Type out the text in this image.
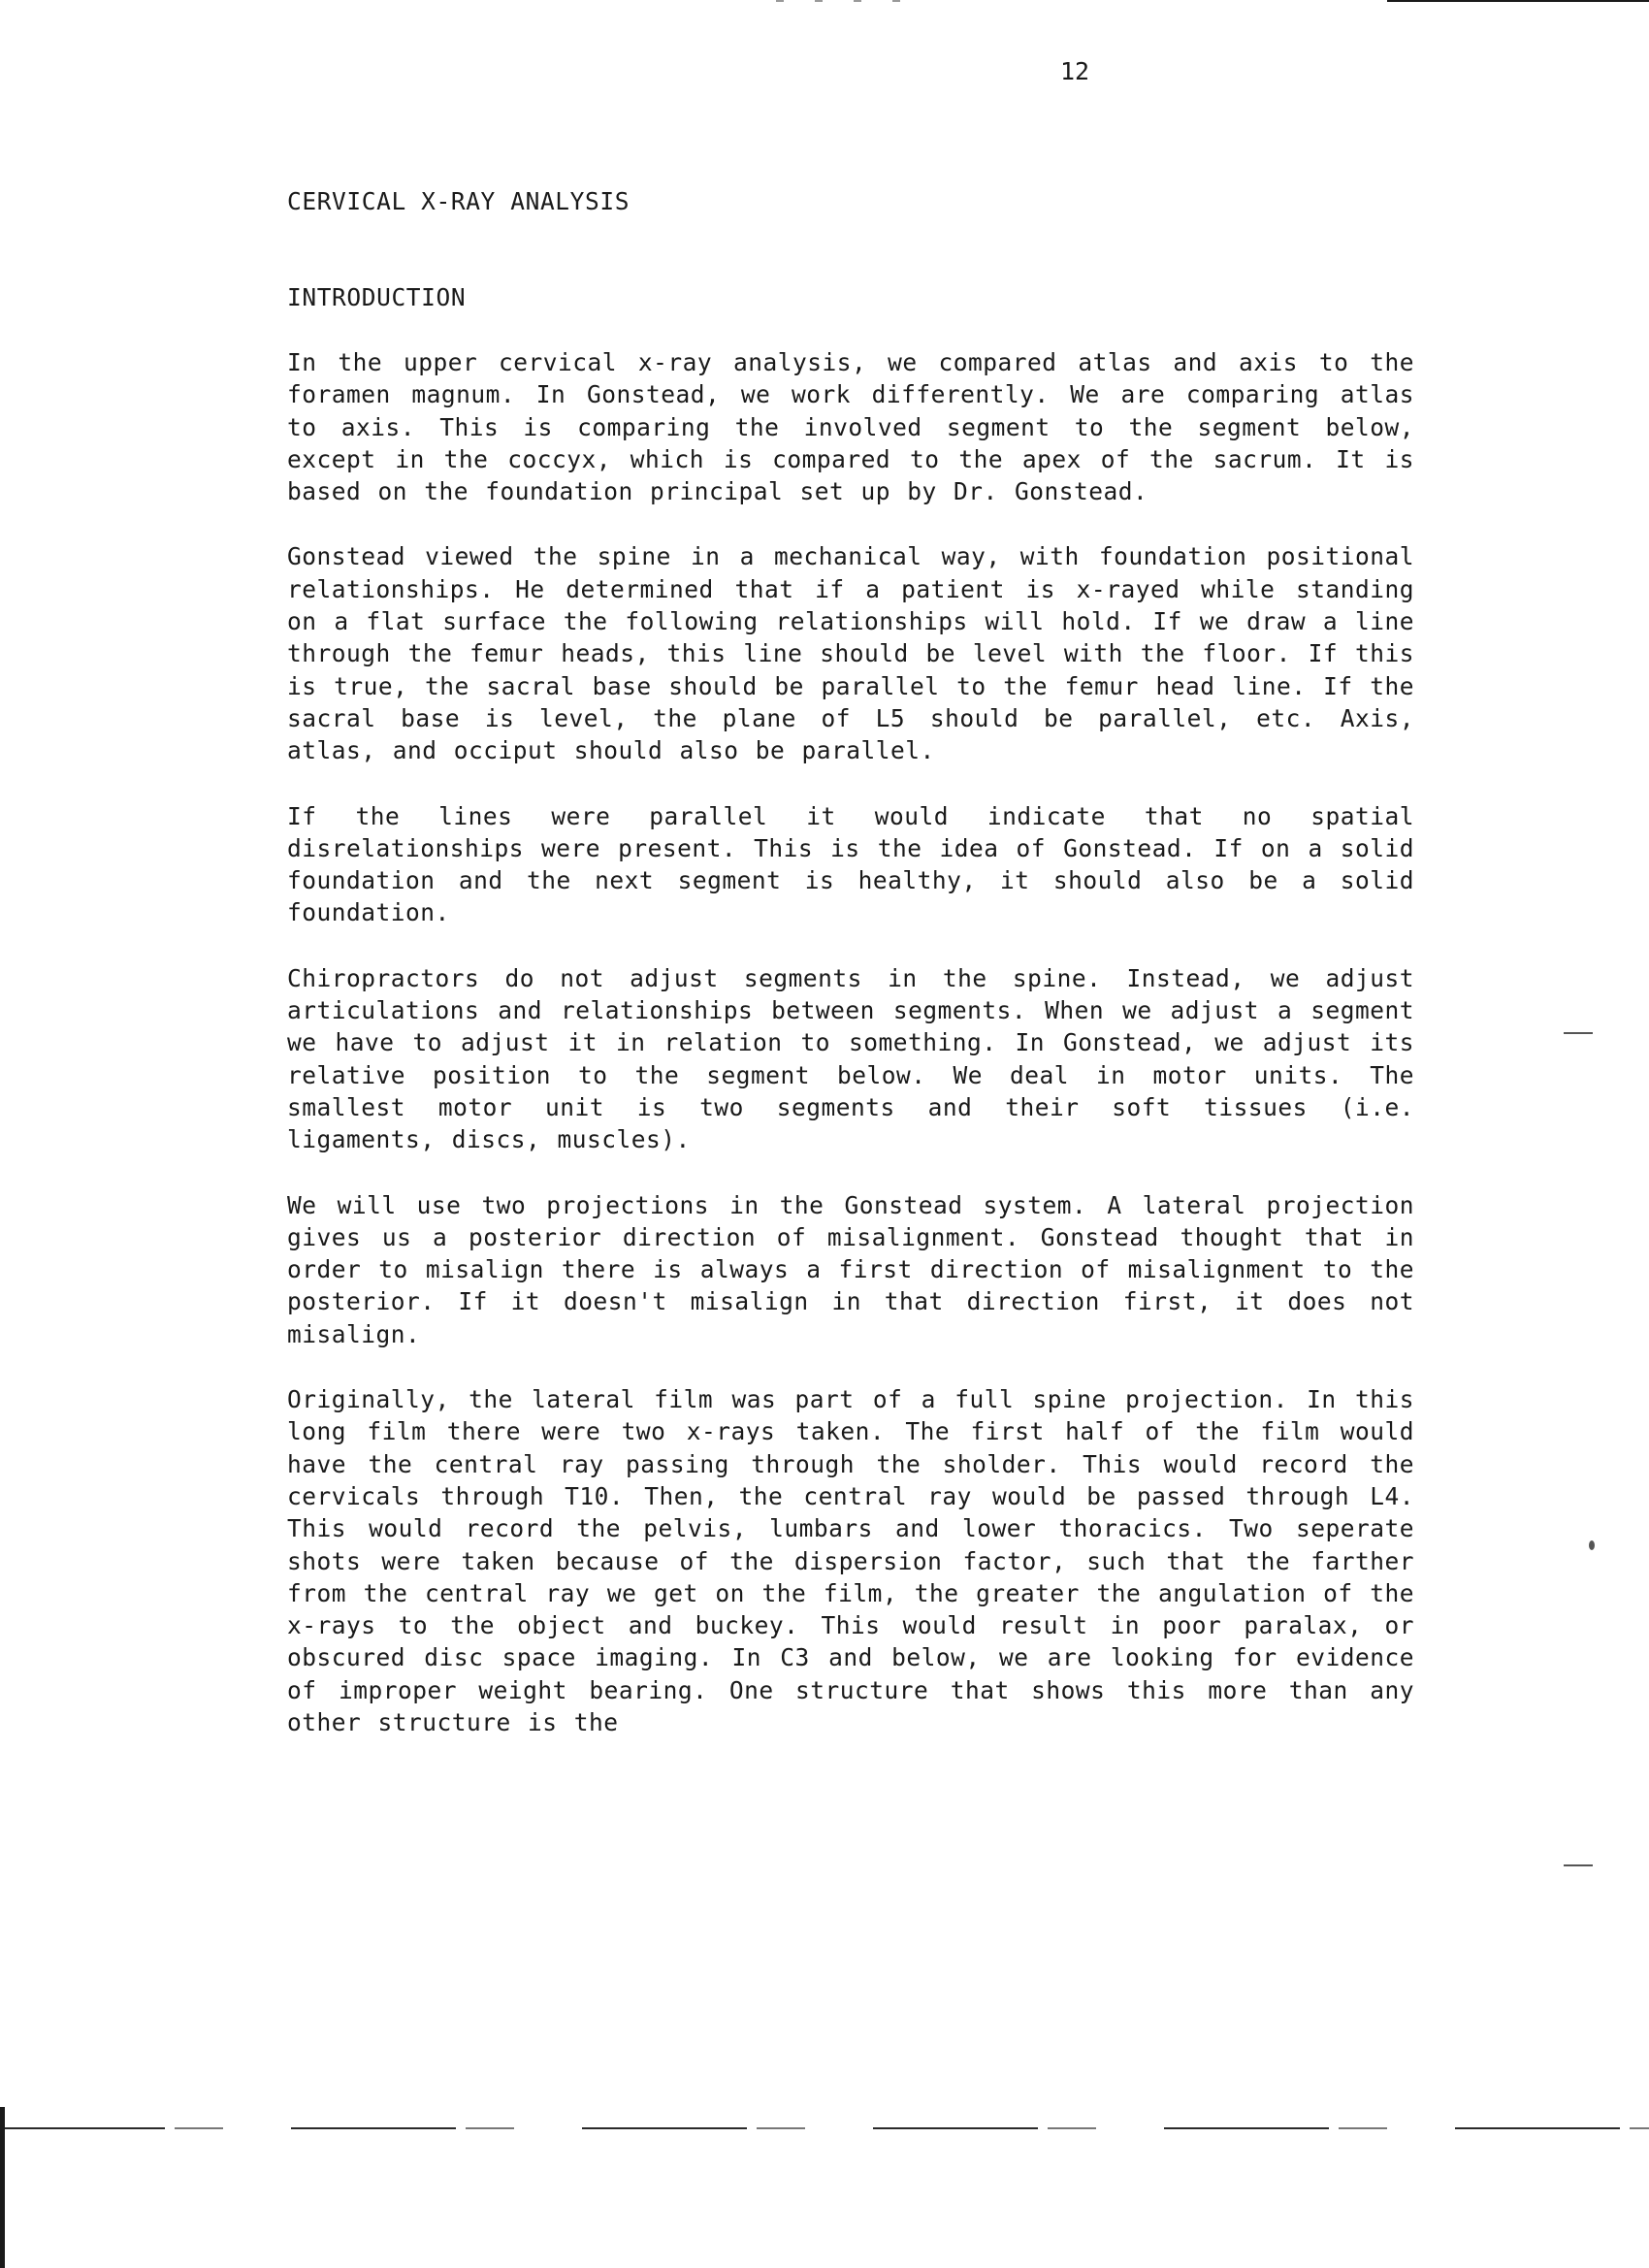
12
CERVICAL X-RAY ANALYSIS
INTRODUCTION

In the upper cervical x-ray analysis, we compared atlas and axis to the foramen magnum. In Gonstead, we work differently. We are comparing atlas to axis. This is comparing the involved segment to the segment below, except in the coccyx, which is compared to the apex of the sacrum. It is based on the foundation principal set up by Dr. Gonstead.

Gonstead viewed the spine in a mechanical way, with foundation positional relationships. He determined that if a patient is x-rayed while standing on a flat surface the following relationships will hold. If we draw a line through the femur heads, this line should be level with the floor. If this is true, the sacral base should be parallel to the femur head line. If the sacral base is level, the plane of L5 should be parallel, etc. Axis, atlas, and occiput should also be parallel.

If the lines were parallel it would indicate that no spatial disrelationships were present. This is the idea of Gonstead. If on a solid foundation and the next segment is healthy, it should also be a solid foundation.

Chiropractors do not adjust segments in the spine. Instead, we adjust articulations and relationships between segments. When we adjust a segment we have to adjust it in relation to something. In Gonstead, we adjust its relative position to the segment below. We deal in motor units. The smallest motor unit is two segments and their soft tissues (i.e. ligaments, discs, muscles).

We will use two projections in the Gonstead system. A lateral projection gives us a posterior direction of misalignment. Gonstead thought that in order to misalign there is always a first direction of misalignment to the posterior. If it doesn't misalign in that direction first, it does not misalign.

Originally, the lateral film was part of a full spine projection. In this long film there were two x-rays taken. The first half of the film would have the central ray passing through the sholder. This would record the cervicals through T10. Then, the central ray would be passed through L4. This would record the pelvis, lumbars and lower thoracics. Two seperate shots were taken because of the dispersion factor, such that the farther from the central ray we get on the film, the greater the angulation of the x-rays to the object and buckey. This would result in poor paralax, or obscured disc space imaging. In C3 and below, we are looking for evidence of improper weight bearing. One structure that shows this more than any other structure is the
